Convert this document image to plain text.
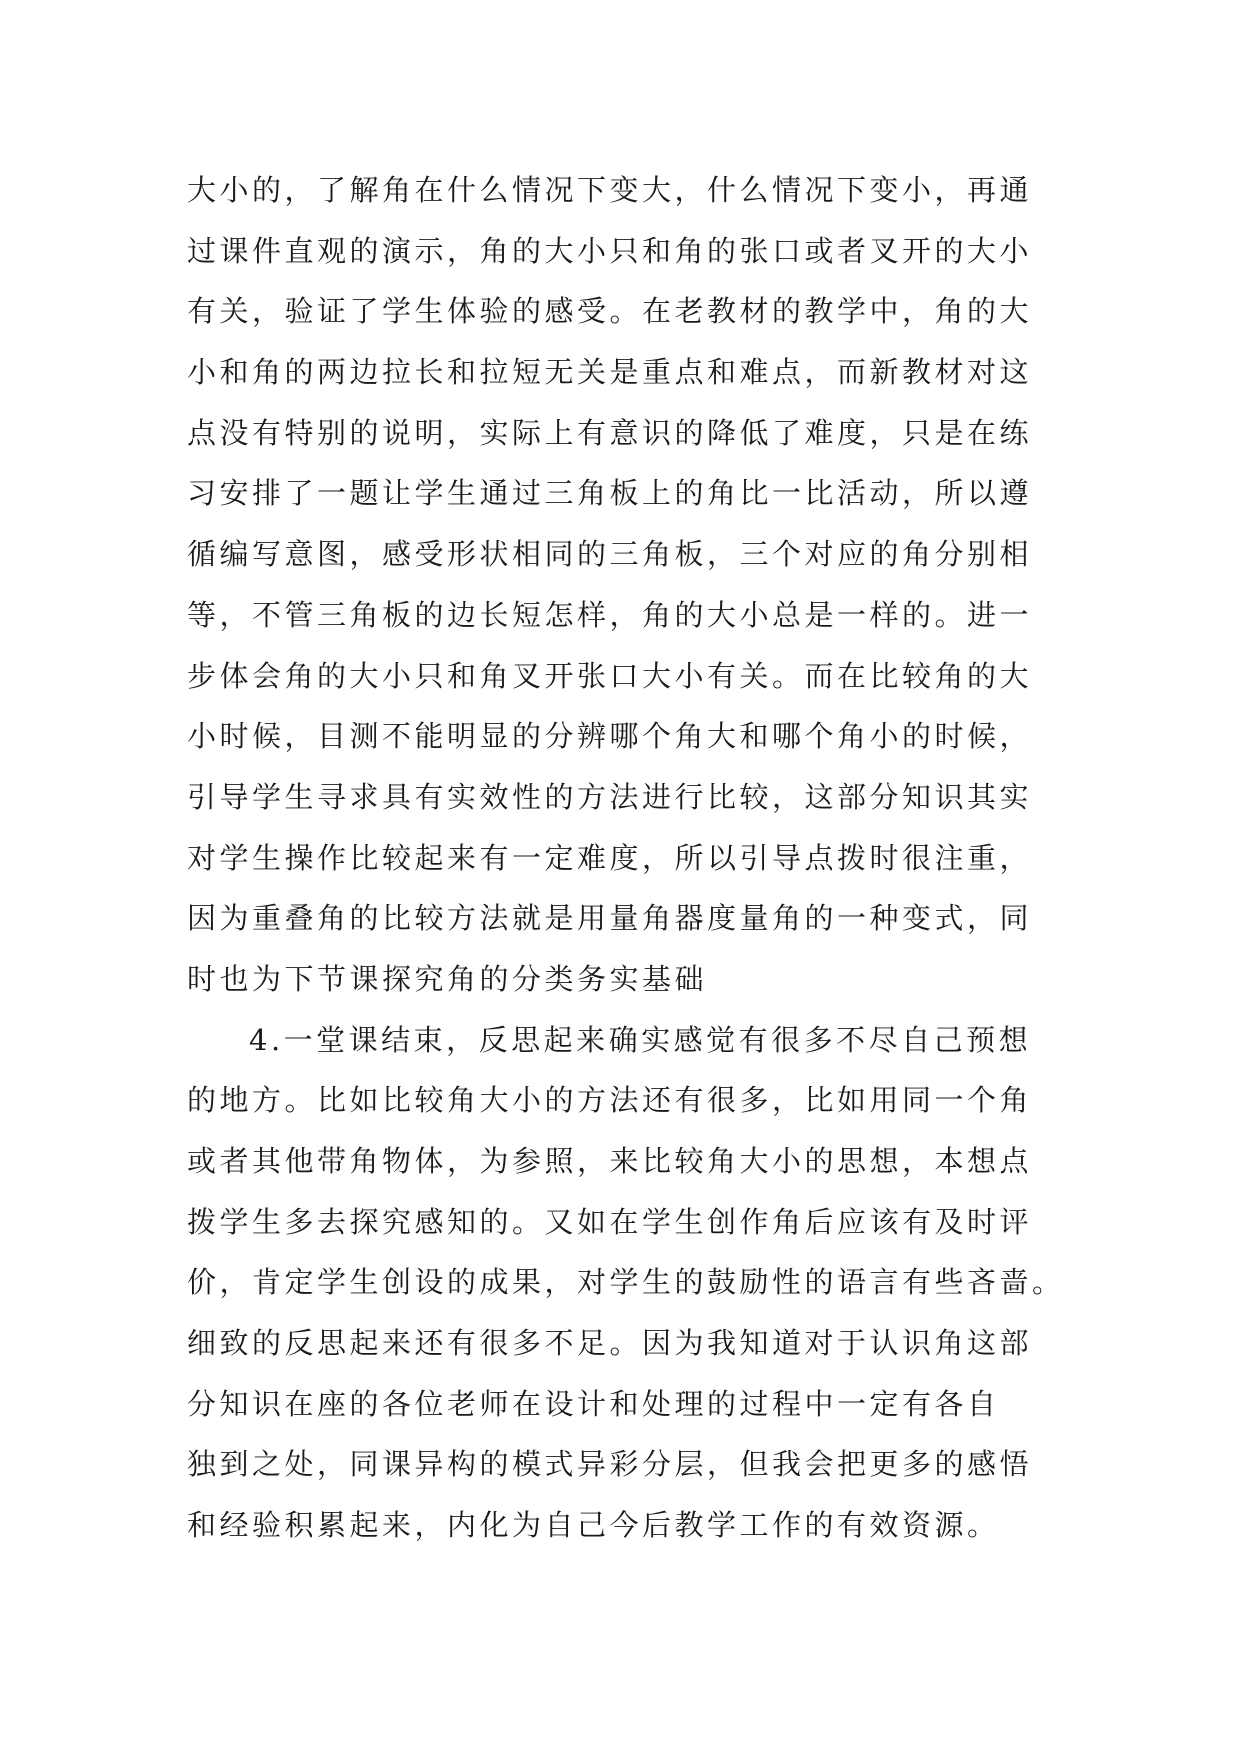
大小的，了解角在什么情况下变大，什么情况下变小，再通
过课件直观的演示，角的大小只和角的张口或者叉开的大小
有关，验证了学生体验的感受。在老教材的教学中，角的大
小和角的两边拉长和拉短无关是重点和难点，而新教材对这
点没有特别的说明，实际上有意识的降低了难度，只是在练
习安排了一题让学生通过三角板上的角比一比活动，所以遵
循编写意图，感受形状相同的三角板，三个对应的角分别相
等，不管三角板的边长短怎样，角的大小总是一样的。进一
步体会角的大小只和角叉开张口大小有关。而在比较角的大
小时候，目测不能明显的分辨哪个角大和哪个角小的时候，
引导学生寻求具有实效性的方法进行比较，这部分知识其实
对学生操作比较起来有一定难度，所以引导点拨时很注重，
因为重叠角的比较方法就是用量角器度量角的一种变式，同
时也为下节课探究角的分类务实基础
4.一堂课结束，反思起来确实感觉有很多不尽自己预想
的地方。比如比较角大小的方法还有很多，比如用同一个角
或者其他带角物体，为参照，来比较角大小的思想，本想点
拨学生多去探究感知的。又如在学生创作角后应该有及时评
价，肯定学生创设的成果，对学生的鼓励性的语言有些吝啬。
细致的反思起来还有很多不足。因为我知道对于认识角这部
分知识在座的各位老师在设计和处理的过程中一定有各自
独到之处，同课异构的模式异彩分层，但我会把更多的感悟
和经验积累起来，内化为自己今后教学工作的有效资源。
